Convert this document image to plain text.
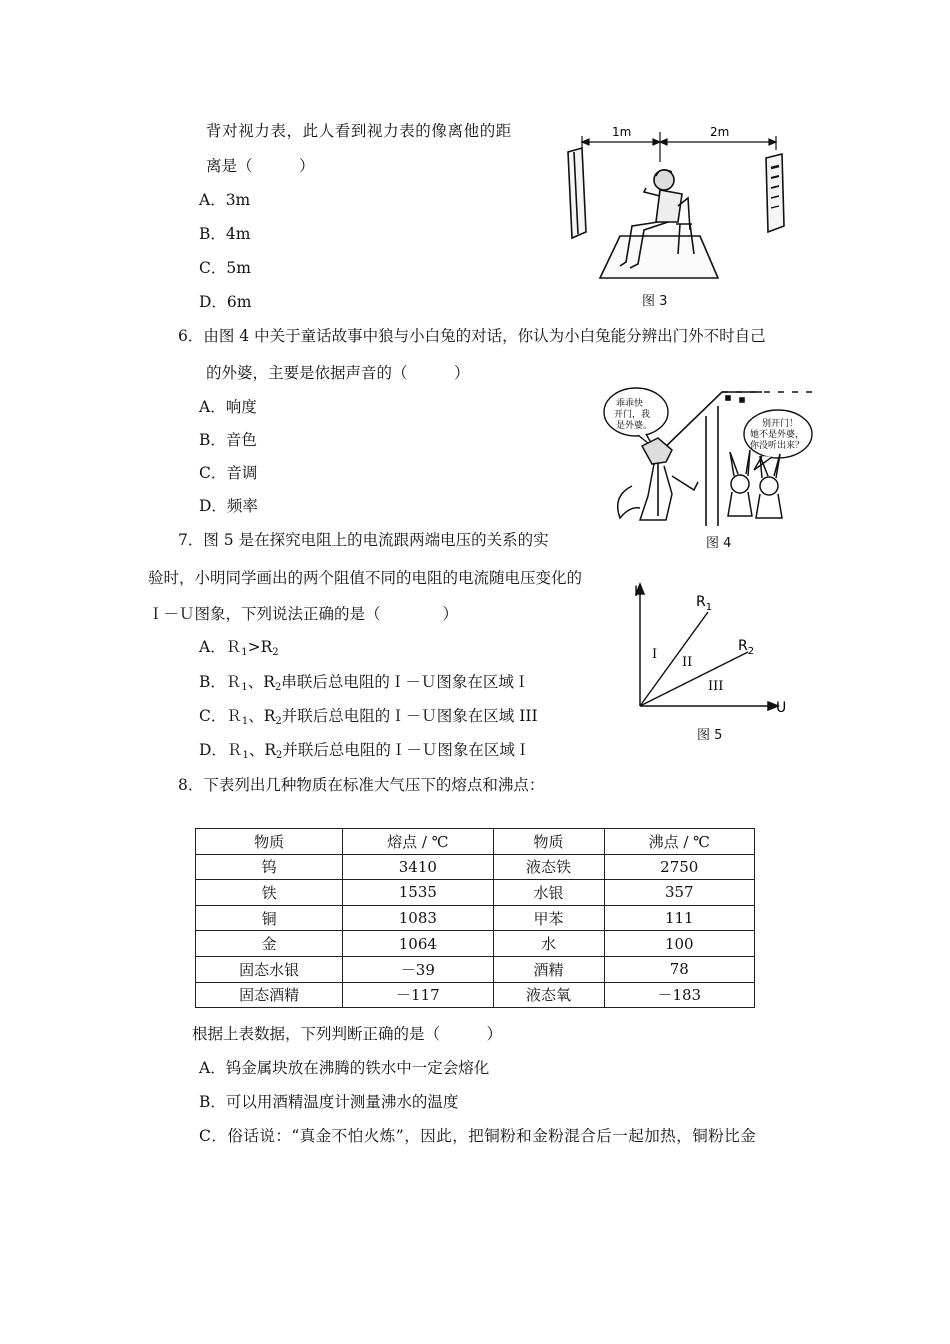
背对视力表，此人看到视力表的像离他的距
离是（　　　）
A．3m
B．4m
C．5m
D．6m
1m	2m
图 3
6．由图 4 中关于童话故事中狼与小白兔的对话，你认为小白兔能分辨出门外不时自己
的外婆，主要是依据声音的（　　　）
A．响度
B．音色
C．音调
D．频率
乖乖快 开门，我 是外婆。	别开门！ 她不是外婆， 你没听出来？
图 4
7．图 5 是在探究电阻上的电流跟两端电压的关系的实
验时，小明同学画出的两个阻值不同的电阻的电流随电压变化的
Ｉ－Ｕ图象，下列说法正确的是（　　　　）
A．$R_1>R_2$
B．Ｒ$_1$、$R_2$串联后总电阻的Ｉ－Ｕ图象在区域Ｉ
C．Ｒ$_1$、$R_2$并联后总电阻的Ｉ－Ｕ图象在区域 III
D．Ｒ$_1$、$R_2$并联后总电阻的Ｉ－Ｕ图象在区域Ｉ
I
U
$R_1$
$R_2$
I
II
III
图 5
8．下表列出几种物质在标准大气压下的熔点和沸点：
物质	熔点 / ℃	物质	沸点 / ℃
钨	3410	液态铁	2750
铁	1535	水银	357
铜	1083	甲苯	111
金	1064	水	100
固态水银	－39	酒精	78
固态酒精	－117	液态氧	－183
根据上表数据，下列判断正确的是（　　　）
A．钨金属块放在沸腾的铁水中一定会熔化
B．可以用酒精温度计测量沸水的温度
C．俗话说：“真金不怕火炼”，因此，把铜粉和金粉混合后一起加热，铜粉比金
